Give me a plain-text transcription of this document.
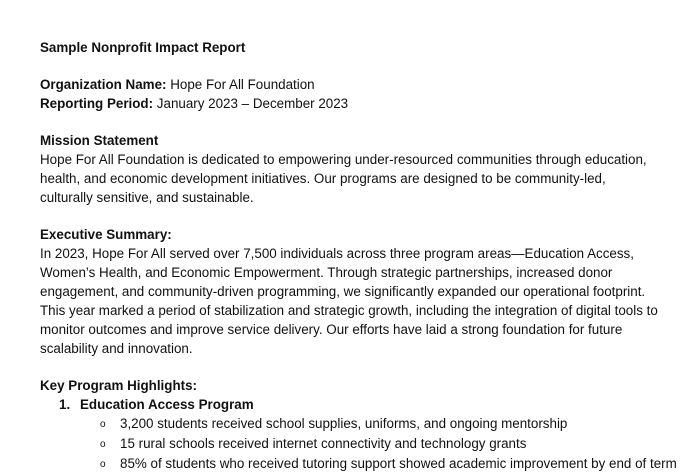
Sample Nonprofit Impact Report
Organization Name: Hope For All Foundation
Reporting Period: January 2023 – December 2023
Mission Statement
Hope For All Foundation is dedicated to empowering under-resourced communities through education,
health, and economic development initiatives. Our programs are designed to be community-led,
culturally sensitive, and sustainable.
Executive Summary:
In 2023, Hope For All served over 7,500 individuals across three program areas—Education Access,
Women’s Health, and Economic Empowerment. Through strategic partnerships, increased donor
engagement, and community-driven programming, we significantly expanded our operational footprint.
This year marked a period of stabilization and strategic growth, including the integration of digital tools to
monitor outcomes and improve service delivery. Our efforts have laid a strong foundation for future
scalability and innovation.
Key Program Highlights:
1. Education Access Program
o 3,200 students received school supplies, uniforms, and ongoing mentorship
o 15 rural schools received internet connectivity and technology grants
o 85% of students who received tutoring support showed academic improvement by end of term
